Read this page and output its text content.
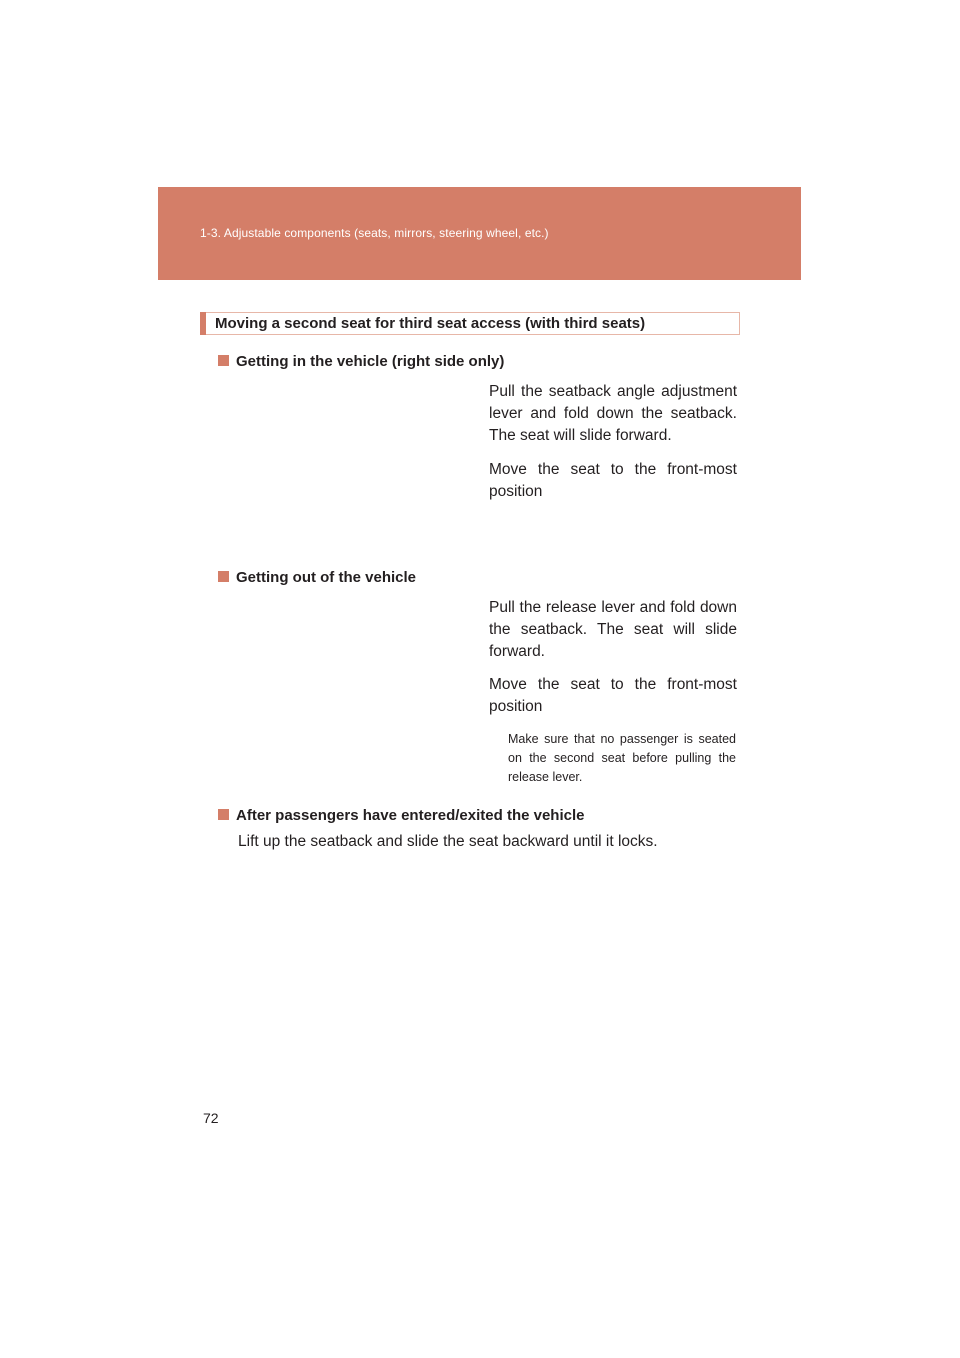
1-3. Adjustable components (seats, mirrors, steering wheel, etc.)
Moving a second seat for third seat access (with third seats)
Getting in the vehicle (right side only)
Pull the seatback angle adjustment lever and fold down the seatback. The seat will slide forward.
Move the seat to the front-most position
Getting out of the vehicle
Pull the release lever and fold down the seatback. The seat will slide forward.
Move the seat to the front-most position
Make sure that no passenger is seated on the second seat before pulling the release lever.
After passengers have entered/exited the vehicle
Lift up the seatback and slide the seat backward until it locks.
72
